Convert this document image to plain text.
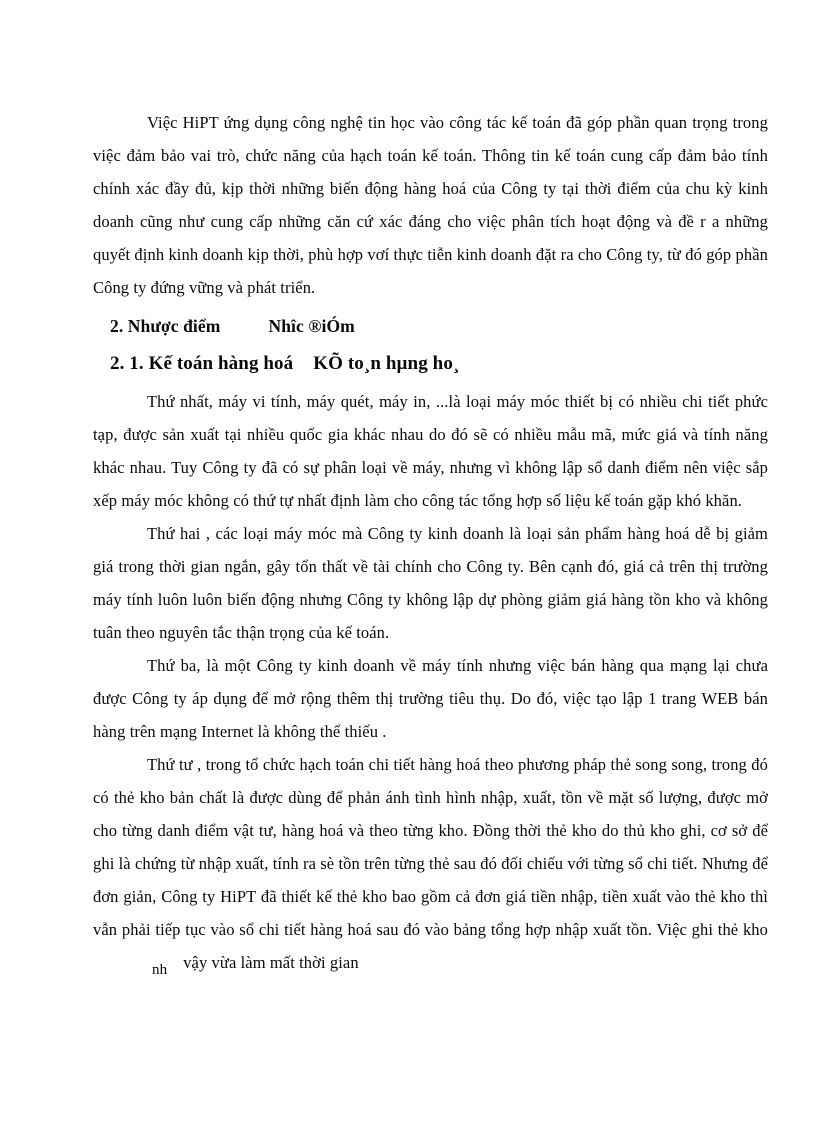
Việc HiPT ứng dụng công nghệ tin học vào công tác kế toán đã góp phần quan trọng trong việc đảm bảo vai trò, chức năng của hạch toán kế toán. Thông tin kế toán cung cấp đảm bảo tính chính xác đầy đủ, kịp thời những biến động hàng hoá của Công ty tại thời điểm của chu kỳ kinh doanh cũng như cung cấp những căn cứ xác đáng cho việc phân tích hoạt động và đề r a những quyết định kinh doanh kịp thời, phù hợp vơí thực tiễn kinh doanh đặt ra cho Công ty, từ đó góp phần Công ty đứng vững và phát triển.

2. Nhược điểm	Nhîc ®iÓm

2. 1. Kế toán hàng hoá KÕ to¸n hµng ho¸

Thứ nhất, máy vi tính, máy quét, máy in, ...là loại máy móc thiết bị có nhiều chi tiết phức tạp, được sản xuất tại nhiều quốc gia khác nhau do đó sẽ có nhiều mẫu mã, mức giá và tính năng khác nhau. Tuy Công ty đã có sự phân loại về máy, nhưng vì không lập sổ danh điểm nên việc sắp xếp máy móc không có thứ tự nhất định làm cho công tác tổng hợp số liệu kế toán gặp khó khăn.

Thứ hai , các loại máy móc mà Công ty kinh doanh là loại sản phẩm hàng hoá dễ bị giảm giá trong thời gian ngắn, gây tổn thất về tài chính cho Công ty. Bên cạnh đó, giá cả trên thị trường máy tính luôn luôn biến động nhưng Công ty không lập dự phòng giảm giá hàng tồn kho và không tuân theo nguyên tắc thận trọng của kế toán.

Thứ ba, là một Công ty kinh doanh về máy tính nhưng việc bán hàng qua mạng lại chưa được Công ty áp dụng để mở rộng thêm thị trường tiêu thụ. Do đó, việc tạo lập 1 trang WEB bán hàng trên mạng Internet là không thể thiếu .

Thứ tư , trong tổ chức hạch toán chi tiết hàng hoá theo phương pháp thẻ song song, trong đó có thẻ kho bản chất là được dùng để phản ánh tình hình nhập, xuất, tồn về mặt số lượng, được mở cho từng danh điểm vật tư, hàng hoá và theo từng kho. Đồng thời thẻ kho do thủ kho ghi, cơ sở để ghi là chứng từ nhập xuất, tính ra sè tồn trên từng thẻ sau đó đối chiếu với từng sổ chi tiết. Nhưng để đơn giản, Công ty HiPT đã thiết kế thẻ kho bao gồm cả đơn giá tiền nhập, tiền xuất vào thẻ kho thì vẫn phải tiếp tục vào sổ chi tiết hàng hoá sau đó vào bảng tổng hợp nhập xuất tồn. Việc ghi thẻ khonh vậy vừa làm mất thời gian
